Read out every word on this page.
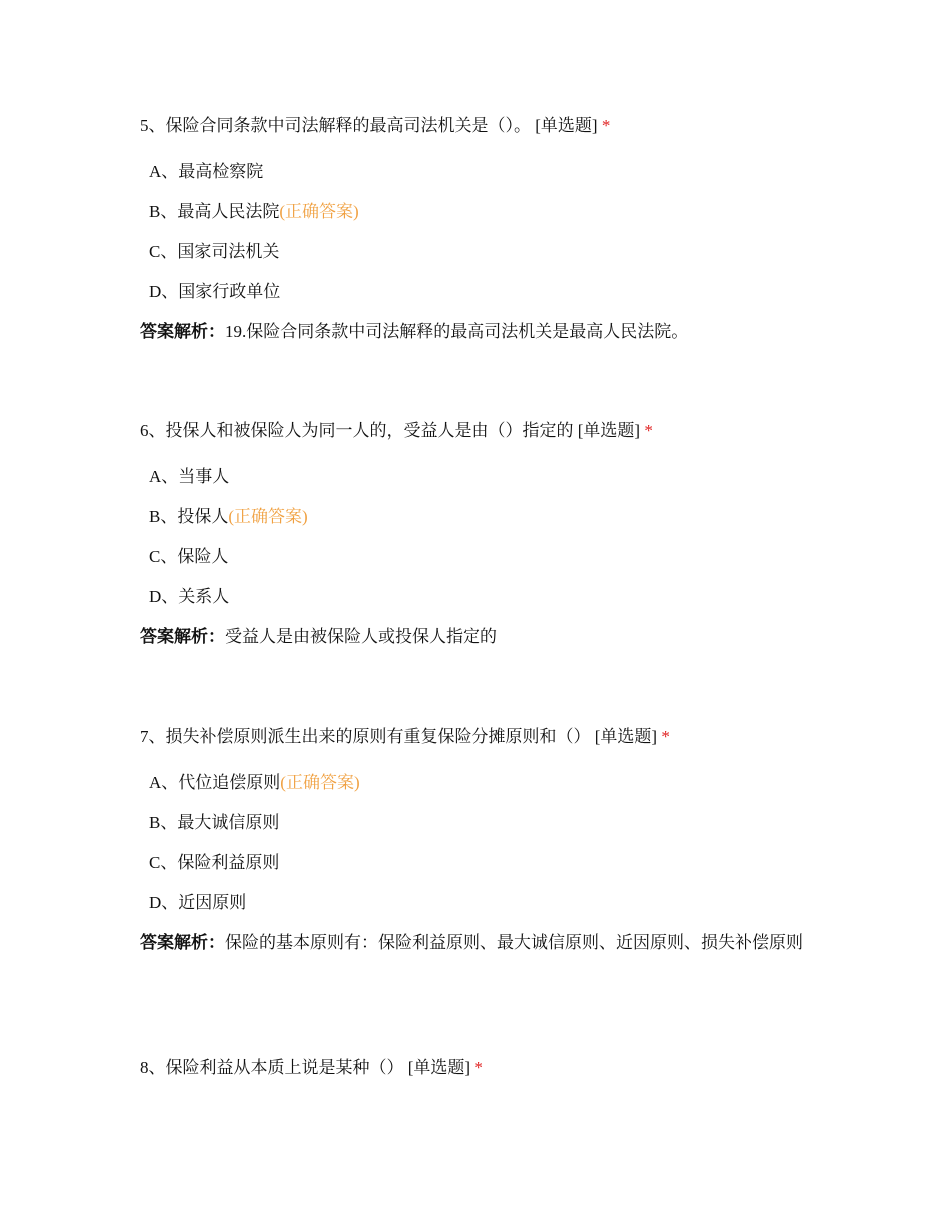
5、保险合同条款中司法解释的最高司法机关是（）。 [单选题] *

A、最高检察院
B、最高人民法院(正确答案)
C、国家司法机关
D、国家行政单位
答案解析：19.保险合同条款中司法解释的最高司法机关是最高人民法院。

6、投保人和被保险人为同一人的，受益人是由（）指定的 [单选题] *

A、当事人
B、投保人(正确答案)
C、保险人
D、关系人
答案解析：受益人是由被保险人或投保人指定的

7、损失补偿原则派生出来的原则有重复保险分摊原则和（） [单选题] *

A、代位追偿原则(正确答案)
B、最大诚信原则
C、保险利益原则
D、近因原则
答案解析：保险的基本原则有：保险利益原则、最大诚信原则、近因原则、损失补偿原则

8、保险利益从本质上说是某种（） [单选题] *
